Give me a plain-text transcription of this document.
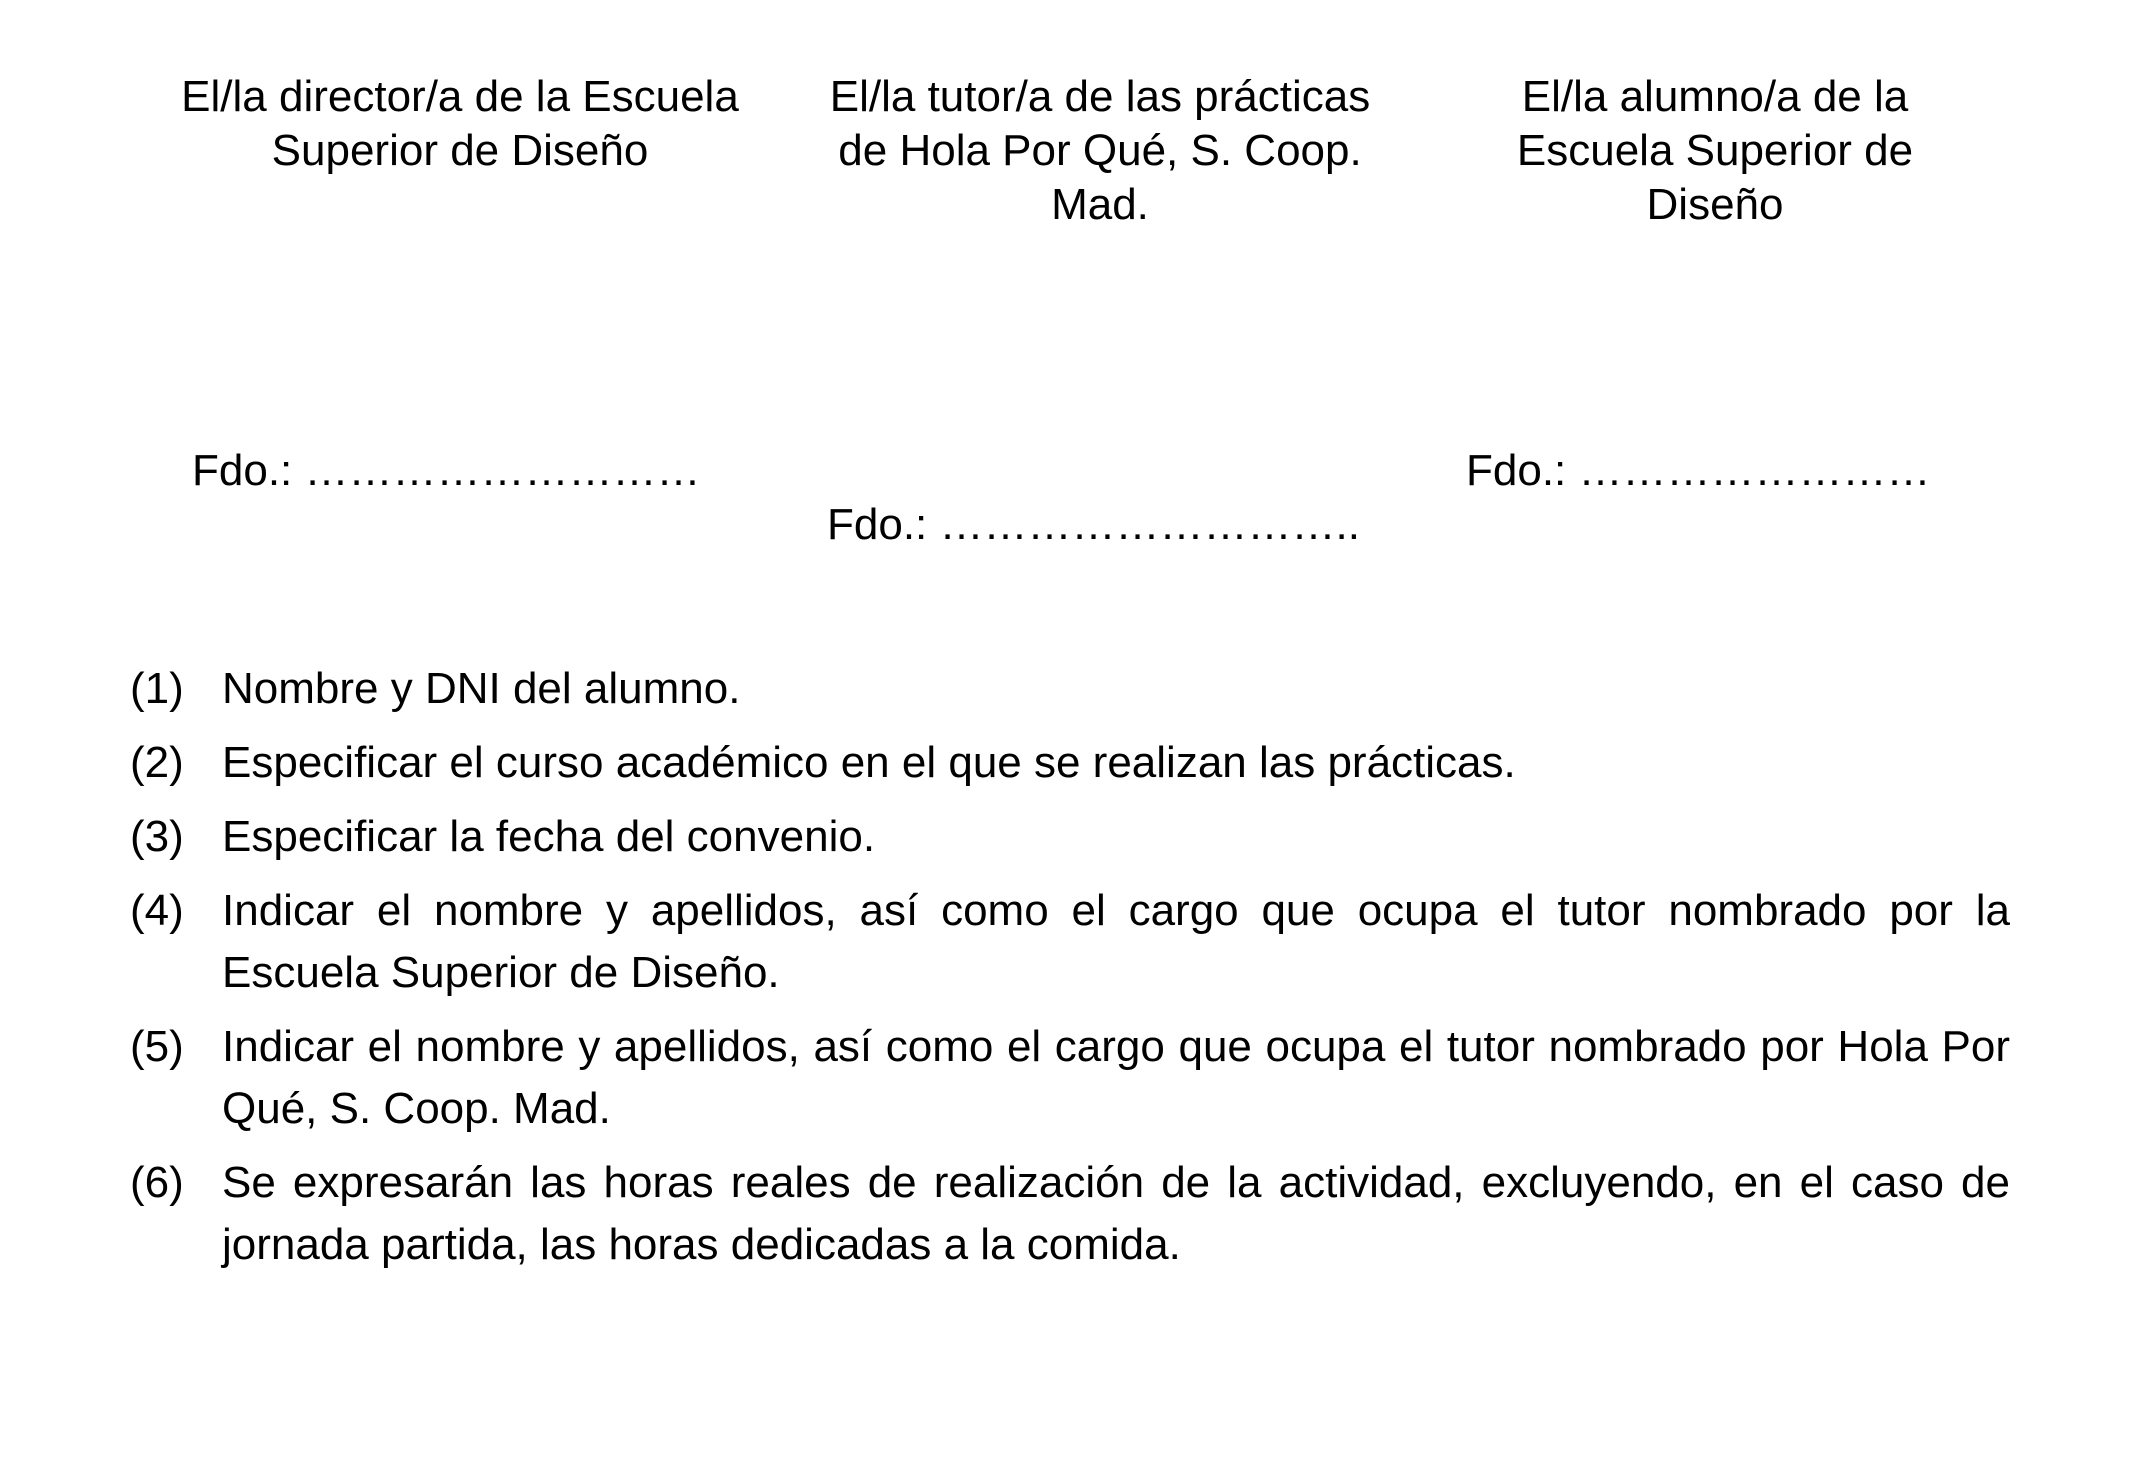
El/la director/a de la Escuela
Superior de Diseño
El/la tutor/a de las prácticas
de Hola Por Qué, S. Coop.
Mad.
El/la alumno/a de la
Escuela Superior de
Diseño
Fdo.: ………………………
Fdo.: ………………………..
Fdo.: ……………………
(1) Nombre y DNI del alumno.
(2) Especificar el curso académico en el que se realizan las prácticas.
(3) Especificar la fecha del convenio.
(4) Indicar el nombre y apellidos, así como el cargo que ocupa el tutor nombrado por la Escuela Superior de Diseño.
(5) Indicar el nombre y apellidos, así como el cargo que ocupa el tutor nombrado por Hola Por Qué, S. Coop. Mad.
(6) Se expresarán las horas reales de realización de la actividad, excluyendo, en el caso de jornada partida, las horas dedicadas a la comida.
